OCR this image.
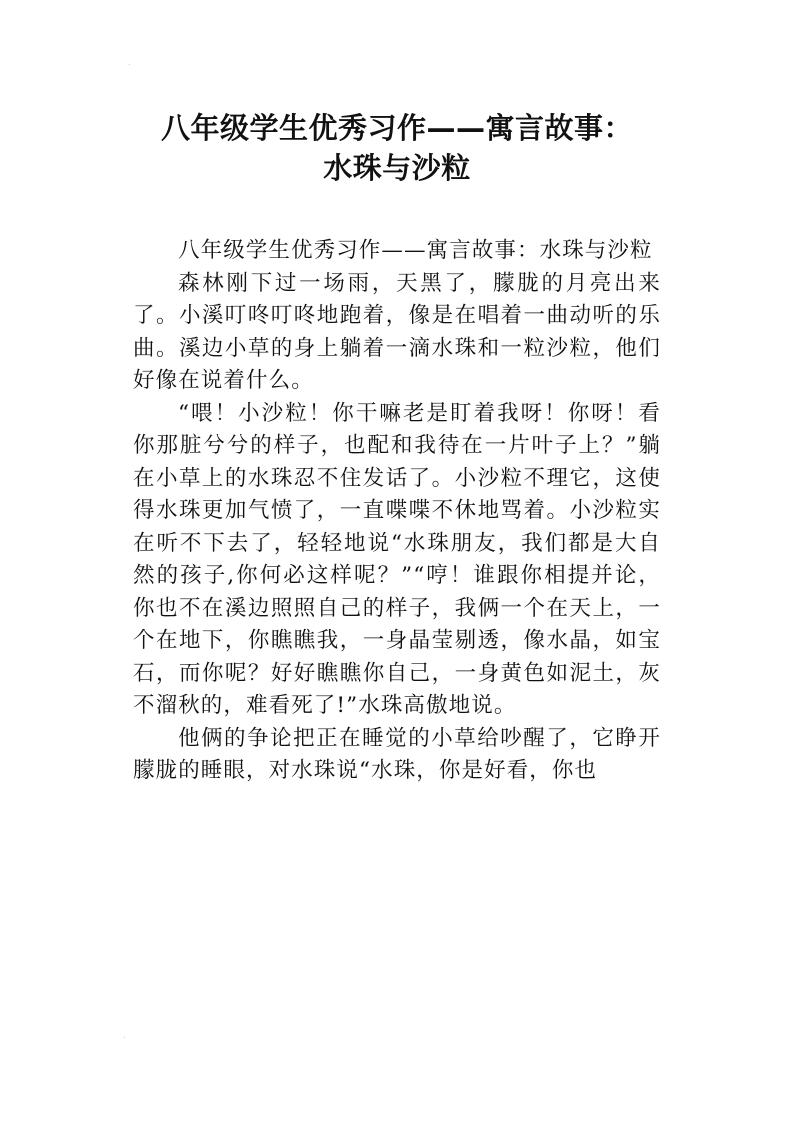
.
八年级学生优秀习作——寓言故事：
水珠与沙粒

八年级学生优秀习作——寓言故事：水珠与沙粒

森林刚下过一场雨，天黑了，朦胧的月亮出来了。小溪叮咚叮咚地跑着，像是在唱着一曲动听的乐曲。溪边小草的身上躺着一滴水珠和一粒沙粒，他们好像在说着什么。

“喂！小沙粒！你干嘛老是盯着我呀！你呀！看你那脏兮兮的样子，也配和我待在一片叶子上？”躺在小草上的水珠忍不住发话了。小沙粒不理它，这使得水珠更加气愤了，一直喋喋不休地骂着。小沙粒实在听不下去了，轻轻地说“水珠朋友，我们都是大自然的孩子,你何必这样呢？”“哼！谁跟你相提并论，你也不在溪边照照自己的样子，我俩一个在天上，一个在地下，你瞧瞧我，一身晶莹剔透，像水晶，如宝石，而你呢？好好瞧瞧你自己，一身黄色如泥土，灰不溜秋的，难看死了!”水珠高傲地说。

他俩的争论把正在睡觉的小草给吵醒了，它睁开朦胧的睡眼，对水珠说“水珠，你是好看，你也

.
